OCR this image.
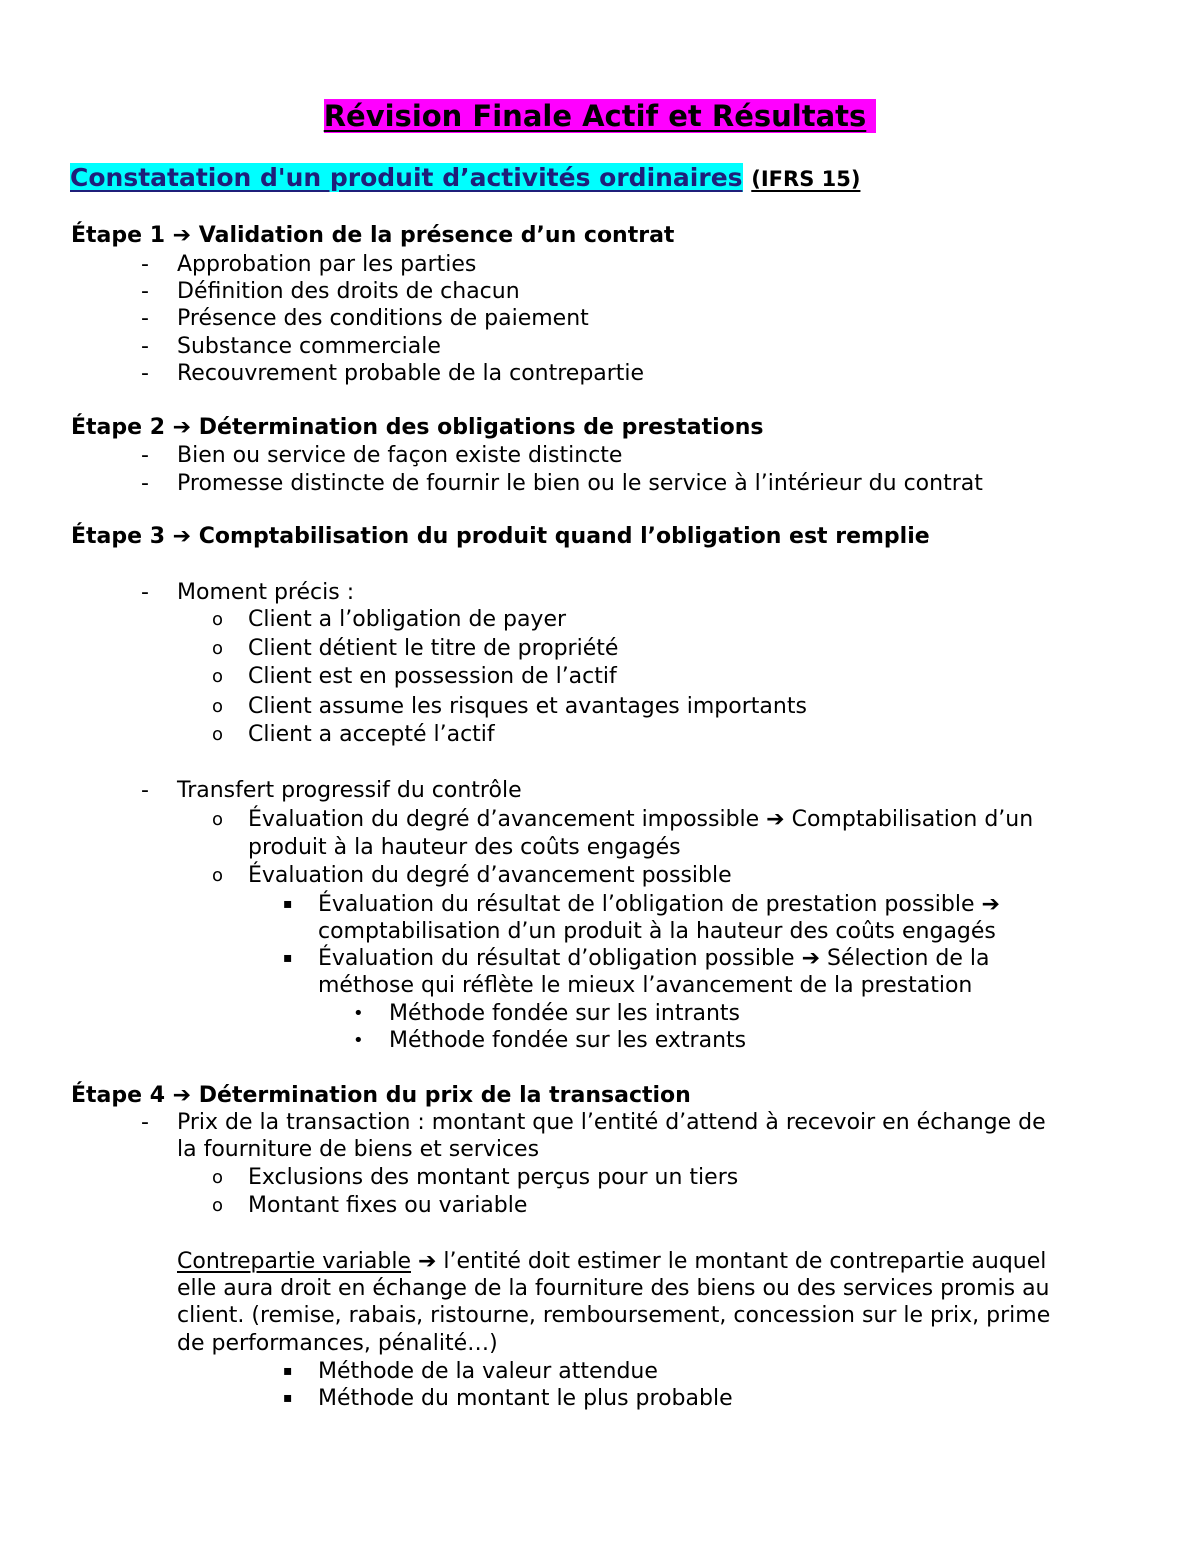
Révision Finale Actif et Résultats
Constatation d'un produit d’activités ordinaires (IFRS 15)
Étape 1 ➔ Validation de la présence d’un contrat
- Approbation par les parties
- Définition des droits de chacun
- Présence des conditions de paiement
- Substance commerciale
- Recouvrement probable de la contrepartie
Étape 2 ➔ Détermination des obligations de prestations
- Bien ou service de façon existe distincte
- Promesse distincte de fournir le bien ou le service à l’intérieur du contrat
Étape 3 ➔ Comptabilisation du produit quand l’obligation est remplie
- Moment précis :
o Client a l’obligation de payer
o Client détient le titre de propriété
o Client est en possession de l’actif
o Client assume les risques et avantages importants
o Client a accepté l’actif
- Transfert progressif du contrôle
o Évaluation du degré d’avancement impossible ➔ Comptabilisation d’un
produit à la hauteur des coûts engagés
o Évaluation du degré d’avancement possible
▪ Évaluation du résultat de l’obligation de prestation possible ➔
comptabilisation d’un produit à la hauteur des coûts engagés
▪ Évaluation du résultat d’obligation possible ➔ Sélection de la
méthose qui réflète le mieux l’avancement de la prestation
• Méthode fondée sur les intrants
• Méthode fondée sur les extrants
Étape 4 ➔ Détermination du prix de la transaction
- Prix de la transaction : montant que l’entité d’attend à recevoir en échange de
la fourniture de biens et services
o Exclusions des montant perçus pour un tiers
o Montant fixes ou variable
Contrepartie variable ➔ l’entité doit estimer le montant de contrepartie auquel
elle aura droit en échange de la fourniture des biens ou des services promis au
client. (remise, rabais, ristourne, remboursement, concession sur le prix, prime
de performances, pénalité…)
▪ Méthode de la valeur attendue
▪ Méthode du montant le plus probable
